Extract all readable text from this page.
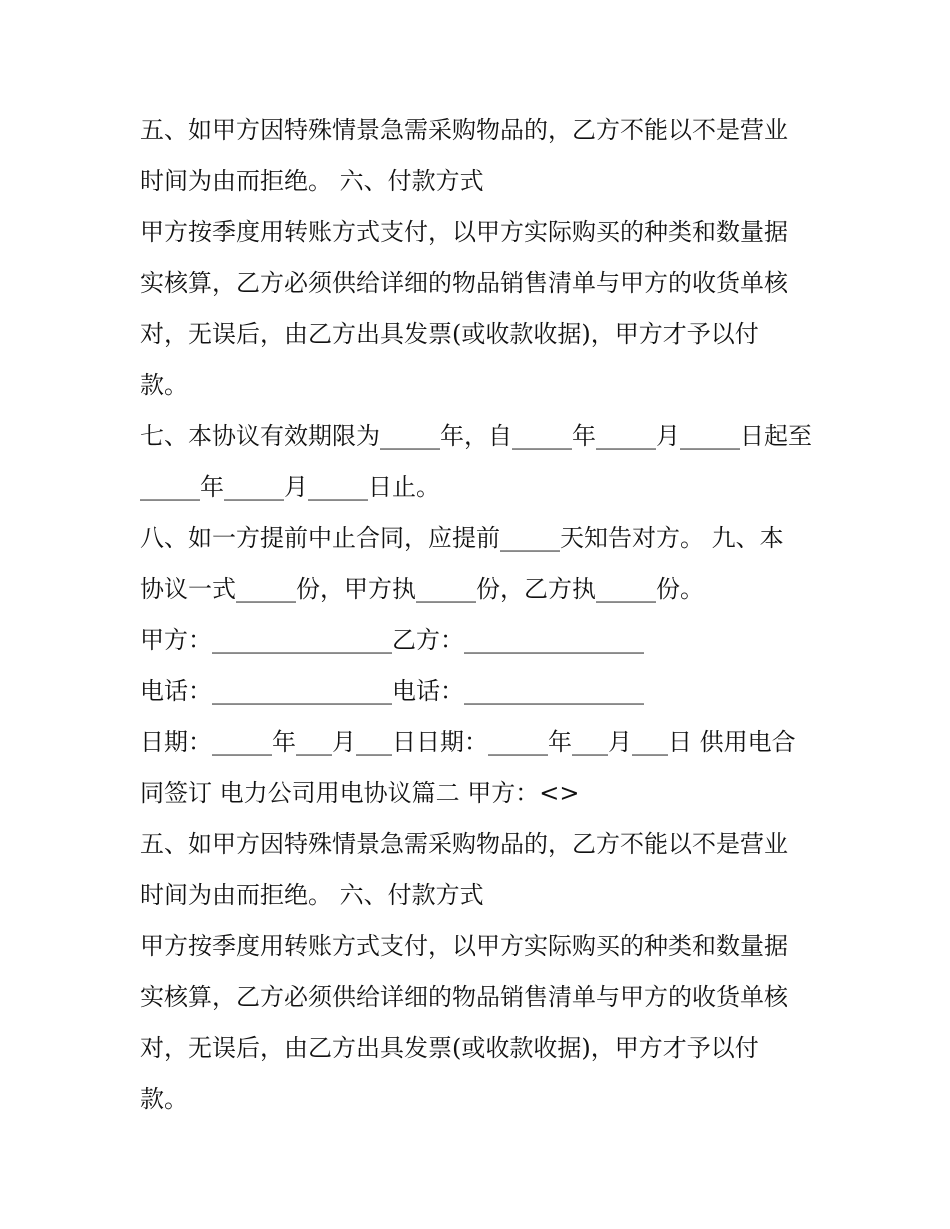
五、如甲方因特殊情景急需采购物品的，乙方不能以不是营业
时间为由而拒绝。 六、付款方式
甲方按季度用转账方式支付，以甲方实际购买的种类和数量据
实核算，乙方必须供给详细的物品销售清单与甲方的收货单核
对，无误后，由乙方出具发票(或收款收据)，甲方才予以付
款。
七、本协议有效期限为_____年，自_____年_____月_____日起至
_____年_____月_____日止。
八、如一方提前中止合同，应提前_____天知告对方。 九、本
协议一式_____份，甲方执_____份，乙方执_____份。
甲方：_______________乙方：_______________
电话：_______________电话：_______________
日期：_____年___月___日日期：_____年___月___日 供用电合
同签订 电力公司用电协议篇二 甲方：<>
五、如甲方因特殊情景急需采购物品的，乙方不能以不是营业
时间为由而拒绝。 六、付款方式
甲方按季度用转账方式支付，以甲方实际购买的种类和数量据
实核算，乙方必须供给详细的物品销售清单与甲方的收货单核
对，无误后，由乙方出具发票(或收款收据)，甲方才予以付
款。
